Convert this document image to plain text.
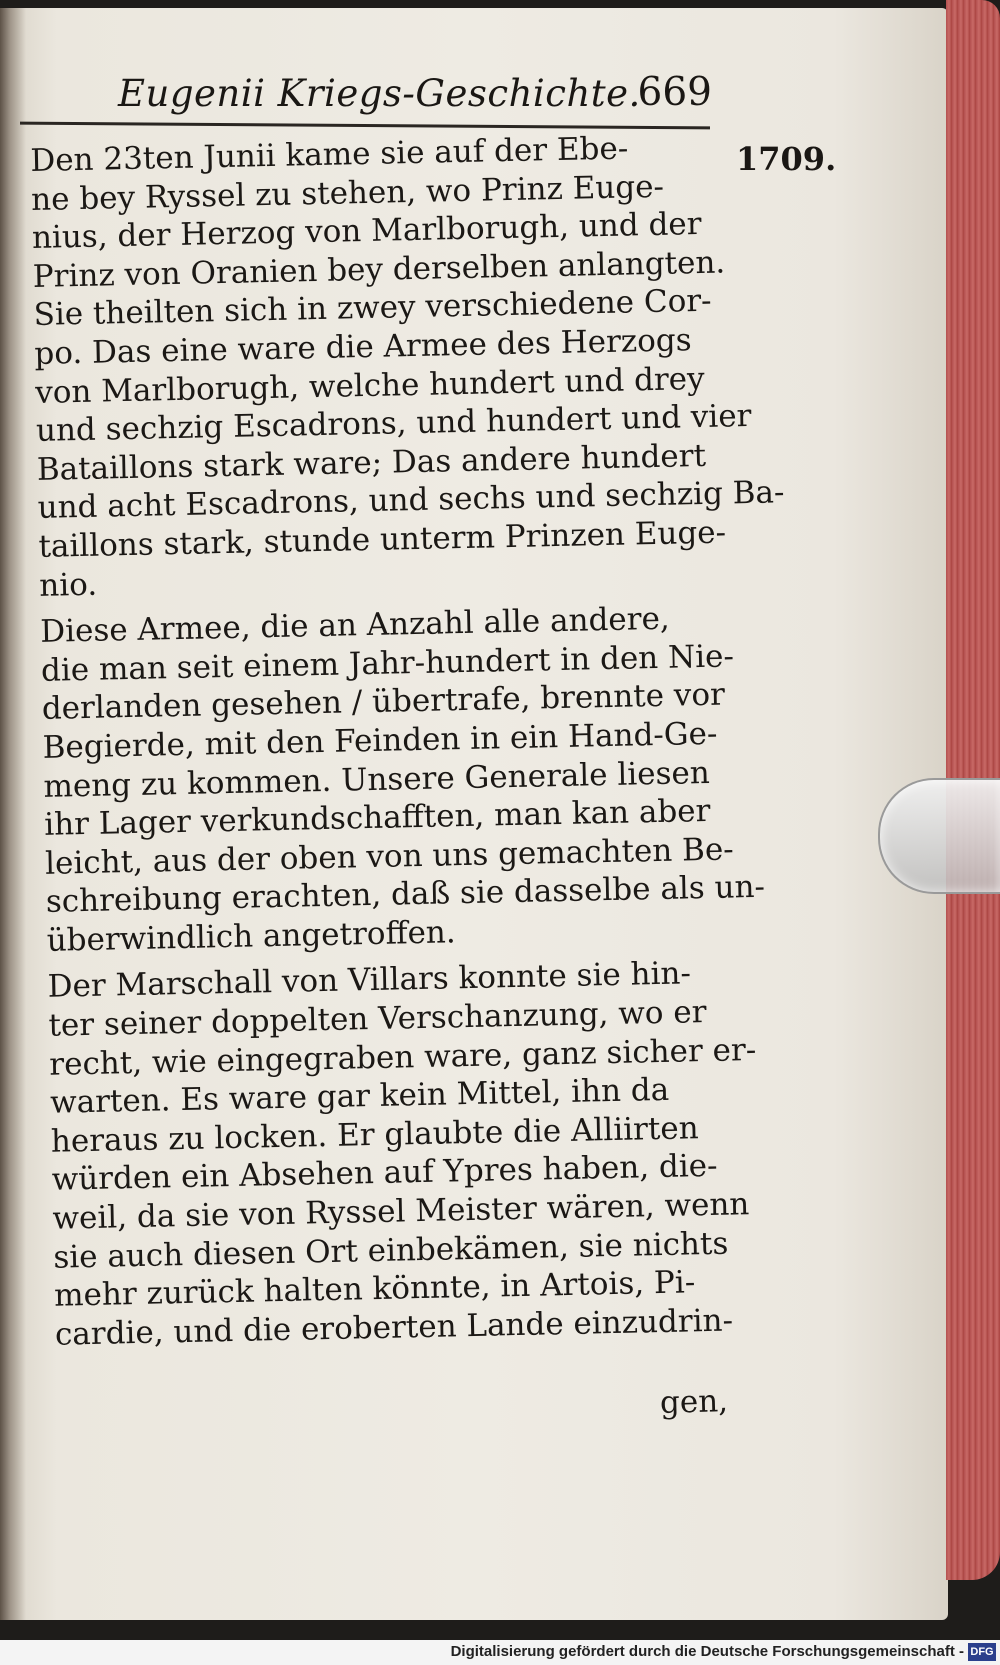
Eugenii Kriegs-Geschichte.
669
1709.

Den 23ten Junii kame sie auf der Ebe-

ne bey Ryssel zu stehen, wo Prinz Euge-

nius, der Herzog von Marlborugh, und der

Prinz von Oranien bey derselben anlangten.

Sie theilten sich in zwey verschiedene Cor-

po. Das eine ware die Armee des Herzogs

von Marlborugh, welche hundert und drey

und sechzig Escadrons, und hundert und vier

Bataillons stark ware; Das andere hundert

und acht Escadrons, und sechs und sechzig Ba-

taillons stark, stunde unterm Prinzen Euge-

nio.

Diese Armee, die an Anzahl alle andere,

die man seit einem Jahr-hundert in den Nie-

derlanden gesehen / übertrafe, brennte vor

Begierde, mit den Feinden in ein Hand-Ge-

meng zu kommen. Unsere Generale liesen

ihr Lager verkundschafften, man kan aber

leicht, aus der oben von uns gemachten Be-

schreibung erachten, daß sie dasselbe als un-

überwindlich angetroffen.

Der Marschall von Villars konnte sie hin-

ter seiner doppelten Verschanzung, wo er

recht, wie eingegraben ware, ganz sicher er-

warten. Es ware gar kein Mittel, ihn da

heraus zu locken. Er glaubte die Alliirten

würden ein Absehen auf Ypres haben, die-

weil, da sie von Ryssel Meister wären, wenn

sie auch diesen Ort einbekämen, sie nichts

mehr zurück halten könnte, in Artois, Pi-

cardie, und die eroberten Lande einzudrin-

gen,
Digitalisierung gefördert durch die Deutsche Forschungsgemeinschaft - DFG
